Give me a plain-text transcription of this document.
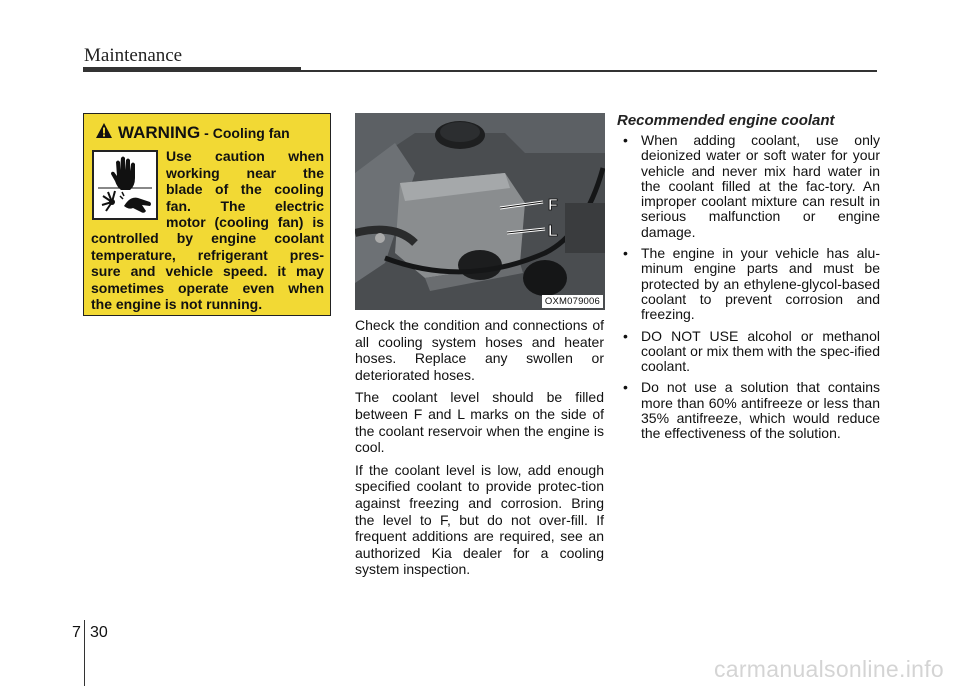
Maintenance
WARNING - Cooling fan
Use caution when
working near the
blade of the cooling
fan. The electric
motor (cooling fan) is
controlled by engine coolant
temperature, refrigerant pres-
sure and vehicle speed. it may
sometimes operate even when
the engine is not running.
F
L
OXM079006

Check the condition and connections of all cooling system hoses and heater hoses. Replace any swollen or deteriorated hoses.

The coolant level should be filled between F and L marks on the side of the coolant reservoir when the engine is cool.

If the coolant level is low, add enough specified coolant to provide protec-tion against freezing and corrosion. Bring the level to F, but do not over-fill. If frequent additions are required, see an authorized Kia dealer for a cooling system inspection.

Recommended engine coolant
• When adding coolant, use only deionized water or soft water for your vehicle and never mix hard water in the coolant filled at the fac-tory. An improper coolant mixture can result in serious malfunction or engine damage.
• The engine in your vehicle has alu-minum engine parts and must be protected by an ethylene-glycol-based coolant to prevent corrosion and freezing.
• DO NOT USE alcohol or methanol coolant or mix them with the spec-ified coolant.
• Do not use a solution that contains more than 60% antifreeze or less than 35% antifreeze, which would reduce the effectiveness of the solution.
7 30
carmanualsonline.info
